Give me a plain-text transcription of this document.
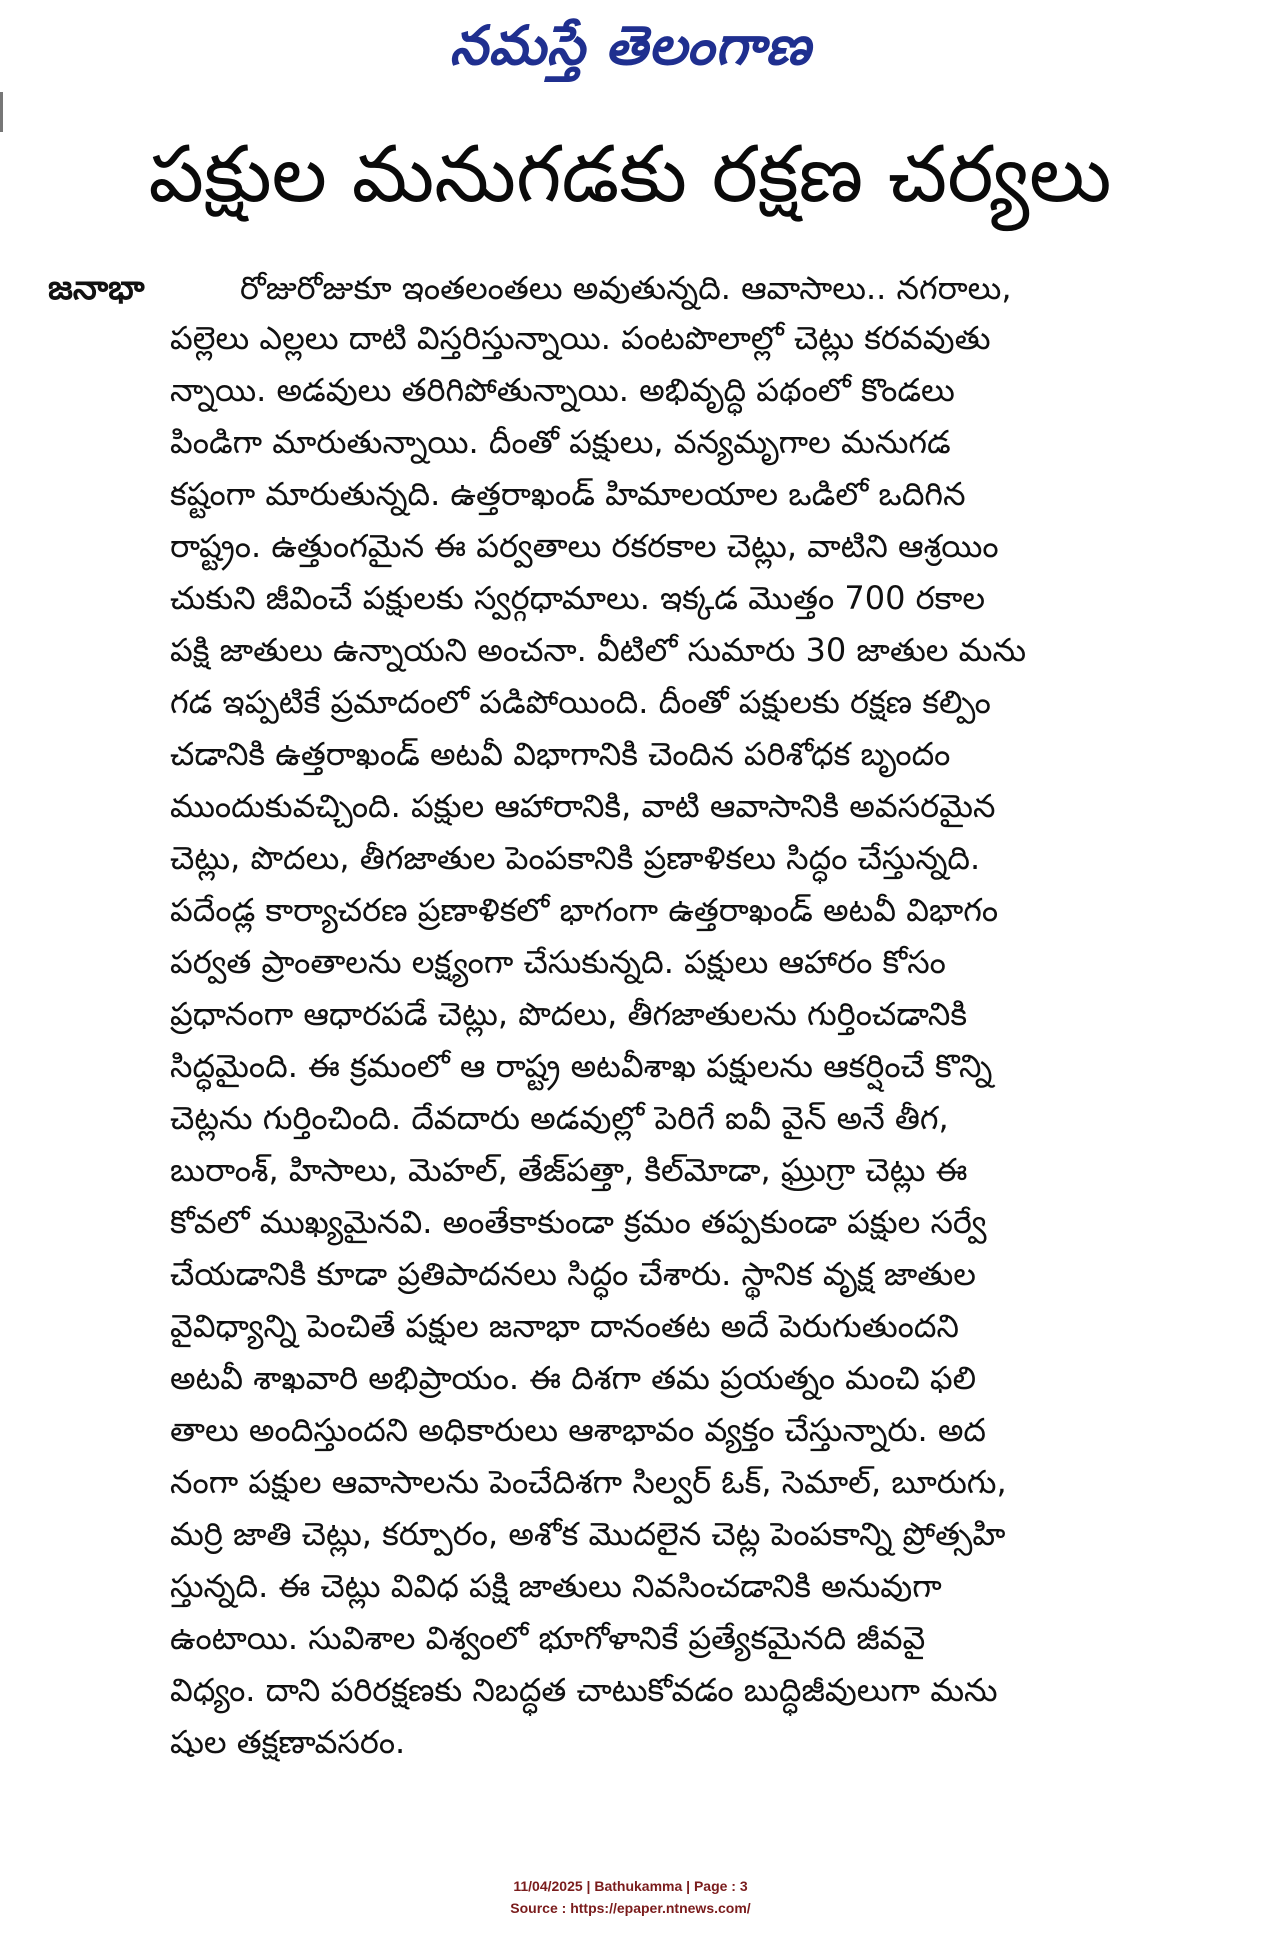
నమస్తే తెలంగాణ
పక్షుల మనుగడకు రక్షణ చర్యలు
జనాభా	రోజురోజుకూ ఇంతలంతలు అవుతున్నది. ఆవాసాలు.. నగరాలు,
పల్లెలు ఎల్లలు దాటి విస్తరిస్తున్నాయి. పంటపొలాల్లో చెట్లు కరవవుతు
న్నాయి. అడవులు తరిగిపోతున్నాయి. అభివృద్ధి పథంలో కొండలు
పిండిగా మారుతున్నాయి. దీంతో పక్షులు, వన్యమృగాల మనుగడ
కష్టంగా మారుతున్నది. ఉత్తరాఖండ్ హిమాలయాల ఒడిలో ఒదిగిన
రాష్ట్రం. ఉత్తుంగమైన ఈ పర్వతాలు రకరకాల చెట్లు, వాటిని ఆశ్రయిం
చుకుని జీవించే పక్షులకు స్వర్గధామాలు. ఇక్కడ మొత్తం 700 రకాల
పక్షి జాతులు ఉన్నాయని అంచనా. వీటిలో సుమారు 30 జాతుల మను
గడ ఇప్పటికే ప్రమాదంలో పడిపోయింది. దీంతో పక్షులకు రక్షణ కల్పిం
చడానికి ఉత్తరాఖండ్ అటవీ విభాగానికి చెందిన పరిశోధక బృందం
ముందుకువచ్చింది. పక్షుల ఆహారానికి, వాటి ఆవాసానికి అవసరమైన
చెట్లు, పొదలు, తీగజాతుల పెంపకానికి ప్రణాళికలు సిద్ధం చేస్తున్నది.
పదేండ్ల కార్యాచరణ ప్రణాళికలో భాగంగా ఉత్తరాఖండ్ అటవీ విభాగం
పర్వత ప్రాంతాలను లక్ష్యంగా చేసుకున్నది. పక్షులు ఆహారం కోసం
ప్రధానంగా ఆధారపడే చెట్లు, పొదలు, తీగజాతులను గుర్తించడానికి
సిద్ధమైంది. ఈ క్రమంలో ఆ రాష్ట్ర అటవీశాఖ పక్షులను ఆకర్షించే కొన్ని
చెట్లను గుర్తించింది. దేవదారు అడవుల్లో పెరిగే ఐవీ వైన్ అనే తీగ,
బురాంశ్, హిసాలు, మెహల్, తేజ్‌పత్తా, కిల్‌మోడా, ఘ్రుగ్రా చెట్లు ఈ
కోవలో ముఖ్యమైనవి. అంతేకాకుండా క్రమం తప్పకుండా పక్షుల సర్వే
చేయడానికి కూడా ప్రతిపాదనలు సిద్ధం చేశారు. స్థానిక వృక్ష జాతుల
వైవిధ్యాన్ని పెంచితే పక్షుల జనాభా దానంతట అదే పెరుగుతుందని
అటవీ శాఖవారి అభిప్రాయం. ఈ దిశగా తమ ప్రయత్నం మంచి ఫలి
తాలు అందిస్తుందని అధికారులు ఆశాభావం వ్యక్తం చేస్తున్నారు. అద
నంగా పక్షుల ఆవాసాలను పెంచేదిశగా సిల్వర్ ఓక్, సెమాల్, బూరుగు,
మర్రి జాతి చెట్లు, కర్పూరం, అశోక మొదలైన చెట్ల పెంపకాన్ని ప్రోత్సహి
స్తున్నది. ఈ చెట్లు వివిధ పక్షి జాతులు నివసించడానికి అనువుగా
ఉంటాయి. సువిశాల విశ్వంలో భూగోళానికే ప్రత్యేకమైనది జీవవై
విధ్యం. దాని పరిరక్షణకు నిబద్ధత చాటుకోవడం బుద్ధిజీవులుగా మను
షుల తక్షణావసరం.
11/04/2025 | Bathukamma | Page : 3
Source : https://epaper.ntnews.com/
